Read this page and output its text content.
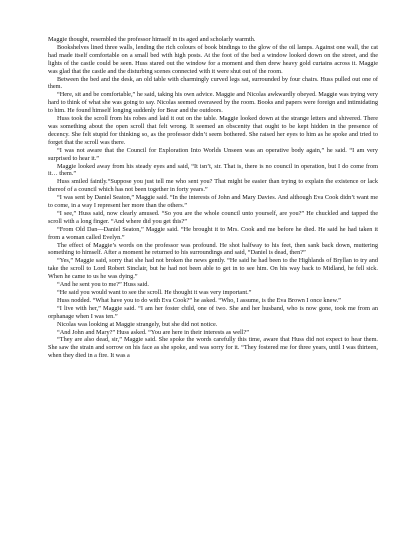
Maggie thought, resembled the professor himself in its aged and scholarly warmth.

Bookshelves lined three walls, lending the rich colours of book bindings to the glow of the oil lamps. Against one wall, the cat had made itself comfortable on a small bed with high posts. At the foot of the bed a window looked down on the street, and the lights of the castle could be seen. Huss stared out the window for a moment and then drew heavy gold curtains across it. Maggie was glad that the castle and the disturbing scenes connected with it were shut out of the room.

Between the bed and the desk, an old table with charmingly curved legs sat, surrounded by four chairs. Huss pulled out one of them.

“Here, sit and be comfortable,” he said, taking his own advice. Maggie and Nicolas awkwardly obeyed. Maggie was trying very hard to think of what she was going to say. Nicolas seemed overawed by the room. Books and papers were foreign and intimidating to him. He found himself longing suddenly for Bear and the outdoors.

Huss took the scroll from his robes and laid it out on the table. Maggie looked down at the strange letters and shivered. There was something about the open scroll that felt wrong. It seemed an obscenity that ought to be kept hidden in the presence of decency. She felt stupid for thinking so, as the professor didn’t seem bothered. She raised her eyes to him as he spoke and tried to forget that the scroll was there.

“I was not aware that the Council for Exploration Into Worlds Unseen was an operative body again,” he said. “I am very surprised to hear it.”

Maggie looked away from his steady eyes and said, “It isn’t, sir. That is, there is no council in operation, but I do come from it… them.”

Huss smiled faintly.“Suppose you just tell me who sent you? That might be easier than trying to explain the existence or lack thereof of a council which has not been together in forty years.”

“I was sent by Daniel Seaton,” Maggie said. “In the interests of John and Mary Davies. And although Eva Cook didn’t want me to come, in a way I represent her more than the others.”

“I see,” Huss said, now clearly amused. “So you are the whole council unto yourself, are you?” He chuckled and tapped the scroll with a long finger. “And where did you get this?”

“From Old Dan—Daniel Seaton,” Maggie said. “He brought it to Mrs. Cook and me before he died. He said he had taken it from a woman called Evelyn.”

The effect of Maggie’s words on the professor was profound. He shot halfway to his feet, then sank back down, muttering something to himself. After a moment he returned to his surroundings and said, “Daniel is dead, then?”

“Yes,” Maggie said, sorry that she had not broken the news gently. “He said he had been to the Highlands of Bryllan to try and take the scroll to Lord Robert Sinclair, but he had not been able to get in to see him. On his way back to Midland, he fell sick. When he came to us he was dying.”

“And he sent you to me?” Huss said.

“He said you would want to see the scroll. He thought it was very important.”

Huss nodded. “What have you to do with Eva Cook?” he asked. “Who, I assume, is the Eva Brown I once knew.”

“I live with her,” Maggie said. “I am her foster child, one of two. She and her husband, who is now gone, took me from an orphanage when I was ten.”

Nicolas was looking at Maggie strangely, but she did not notice.

“And John and Mary?” Huss asked. “You are here in their interests as well?”

“They are also dead, sir,” Maggie said. She spoke the words carefully this time, aware that Huss did not expect to hear them. She saw the strain and sorrow on his face as she spoke, and was sorry for it. “They fostered me for three years, until I was thirteen, when they died in a fire. It was a
